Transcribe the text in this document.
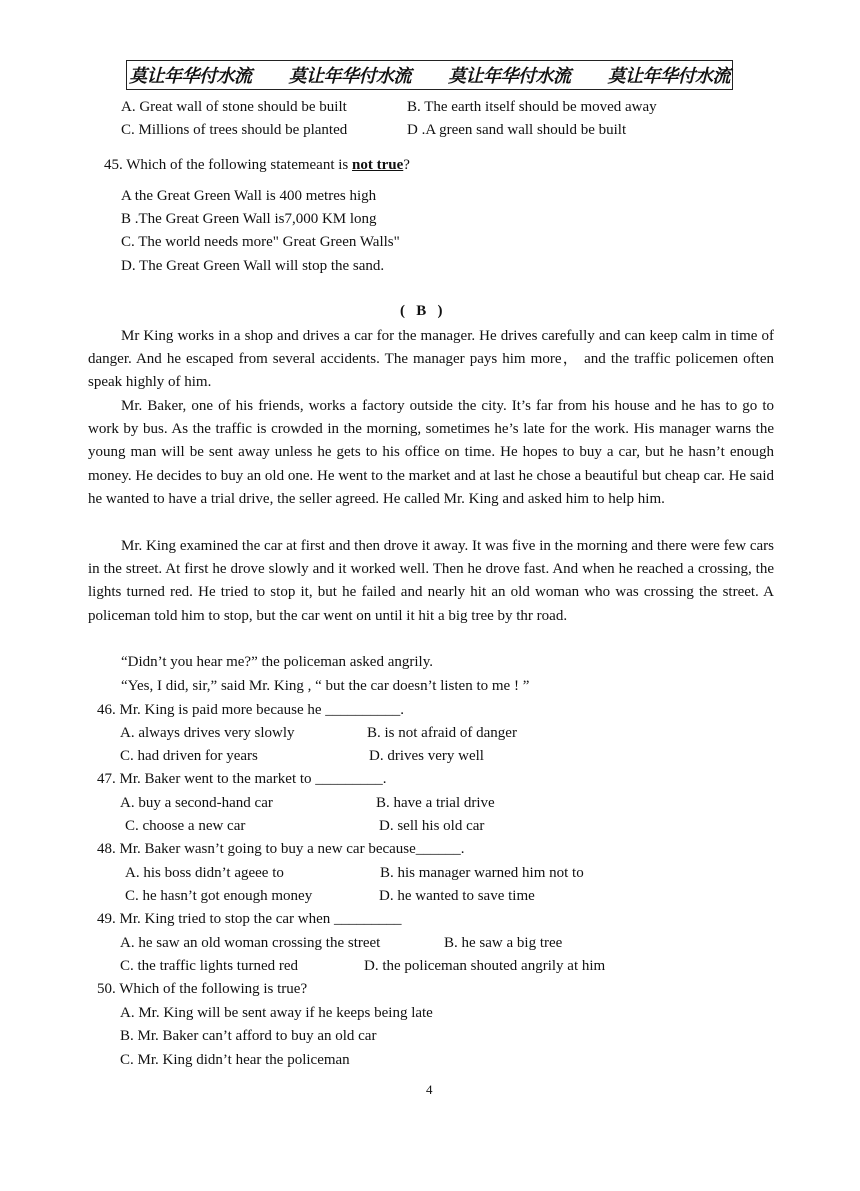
莫让年华付水流 莫让年华付水流 莫让年华付水流 莫让年华付水流
A. Great wall of stone should be built	B. The earth itself should be moved away
C. Millions of trees should be planted	D .A green sand wall should be built
45. Which of the following statemeant is not true?
A the Great Green Wall is 400 metres high
B .The Great Green Wall is7,000 KM long
C. The world needs more" Great Green Walls"
D. The Great Green Wall will stop the sand.
(   B   )
Mr King works in a shop and drives a car for the manager. He drives carefully and can keep calm in time of danger. And he escaped from several accidents. The manager pays him more， and the traffic policemen often speak highly of him.
Mr. Baker, one of his friends, works a factory outside the city. It’s far from his house and he has to go to work by bus. As the traffic is crowded in the morning, sometimes he’s late for the work. His manager warns the young man will be sent away unless he gets to his office on time. He hopes to buy a car, but he hasn’t enough money. He decides to buy an old one. He went to the market and at last he chose a beautiful but cheap car. He said he wanted to have a trial drive, the seller agreed. He called Mr. King and asked him to help him.
Mr. King examined the car at first and then drove it away. It was five in the morning and there were few cars in the street. At first he drove slowly and it worked well. Then he drove fast. And when he reached a crossing, the lights turned red. He tried to stop it, but he failed and nearly hit an old woman who was crossing the street. A policeman told him to stop, but the car went on until it hit a big tree by thr road.
“Didn’t you hear me?” the policeman asked angrily.
“Yes, I did, sir,” said Mr. King , “ but the car doesn’t listen to me ! ”
46. Mr. King is paid more because he __________.
A. always drives very slowly	B. is not afraid of danger
C. had driven for years	D. drives very well
47. Mr. Baker went to the market to _________.
A. buy a second-hand car	B. have a trial drive
C. choose a new car	D. sell his old car
48. Mr. Baker wasn’t going to buy a new car because______.
A. his boss didn’t ageee to	B. his manager warned him not to
C. he hasn’t got enough money	D. he wanted to save time
49. Mr. King tried to stop the car when _________
A. he saw an old woman crossing the street	B. he saw a big tree
C. the traffic lights turned red	D. the policeman shouted angrily at him
50. Which of the following is true?
A. Mr. King will be sent away if he keeps being late
B. Mr. Baker can’t afford to buy an old car
C. Mr. King didn’t hear the policeman
4
